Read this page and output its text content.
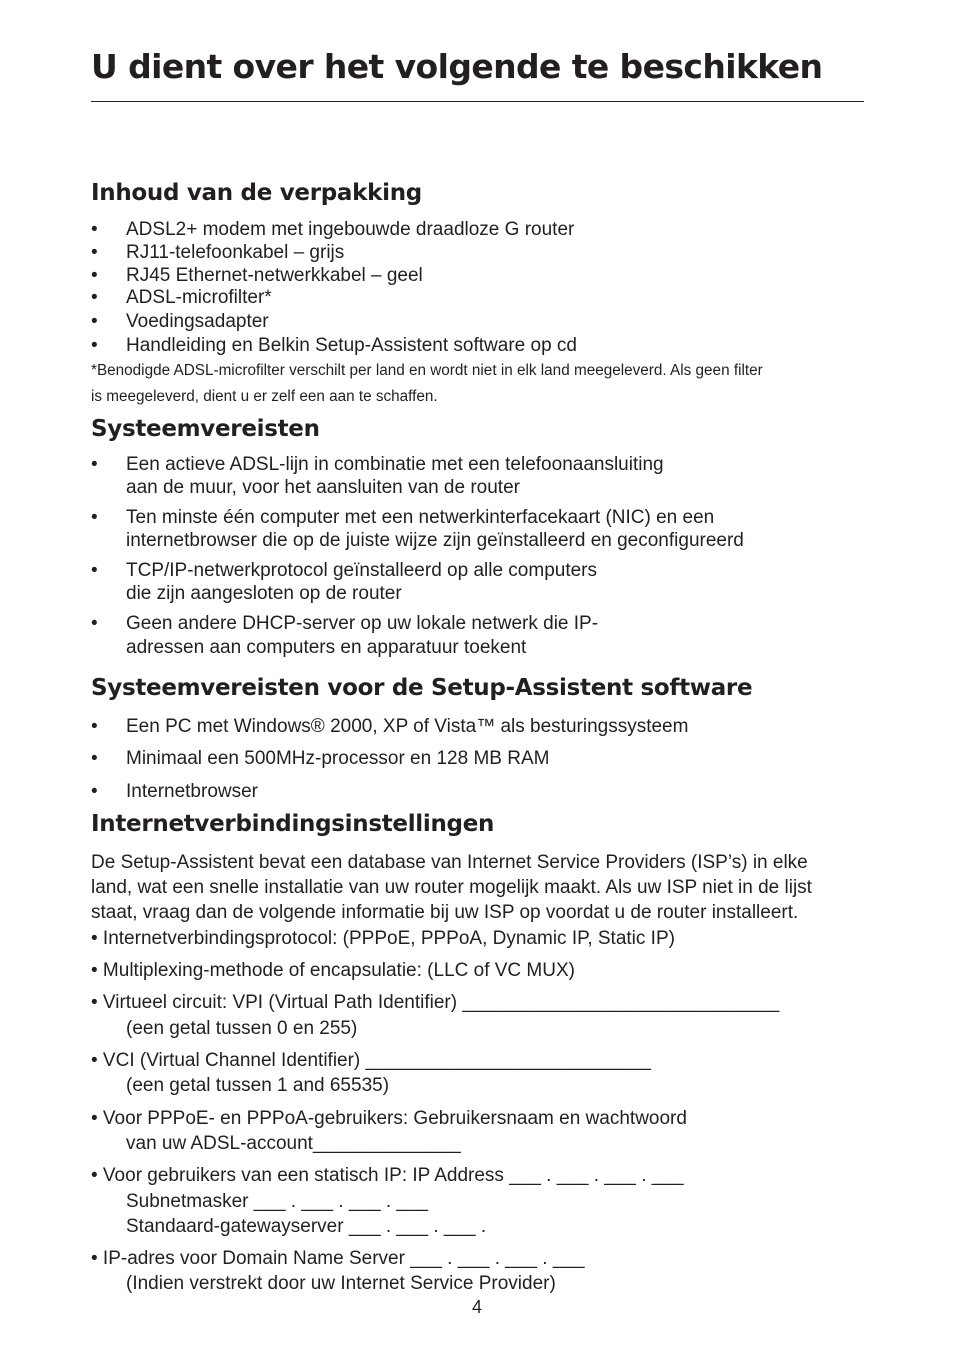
U dient over het volgende te beschikken
Inhoud van de verpakking
• ADSL2+ modem met ingebouwde draadloze G router
• RJ11-telefoonkabel – grijs
• RJ45 Ethernet-netwerkkabel – geel
• ADSL-microfilter*
• Voedingsadapter
• Handleiding en Belkin Setup-Assistent software op cd
*Benodigde ADSL-microfilter verschilt per land en wordt niet in elk land meegeleverd. Als geen filter
is meegeleverd, dient u er zelf een aan te schaffen.
Systeemvereisten
• Een actieve ADSL-lijn in combinatie met een telefoonaansluiting
aan de muur, voor het aansluiten van de router
• Ten minste één computer met een netwerkinterfacekaart (NIC) en een
internetbrowser die op de juiste wijze zijn geïnstalleerd en geconfigureerd
• TCP/IP-netwerkprotocol geïnstalleerd op alle computers
die zijn aangesloten op de router
• Geen andere DHCP-server op uw lokale netwerk die IP-
adressen aan computers en apparatuur toekent
Systeemvereisten voor de Setup-Assistent software
• Een PC met Windows® 2000, XP of Vista™ als besturingssysteem
• Minimaal een 500MHz-processor en 128 MB RAM
• Internetbrowser
Internetverbindingsinstellingen
De Setup-Assistent bevat een database van Internet Service Providers (ISP’s) in elke
land, wat een snelle installatie van uw router mogelijk maakt. Als uw ISP niet in de lijst
staat, vraag dan de volgende informatie bij uw ISP op voordat u de router installeert.
• Internetverbindingsprotocol: (PPPoE, PPPoA, Dynamic IP, Static IP)
• Multiplexing-methode of encapsulatie: (LLC of VC MUX)
• Virtueel circuit: VPI (Virtual Path Identifier) ______________________________
(een getal tussen 0 en 255)
• VCI (Virtual Channel Identifier) ___________________________
(een getal tussen 1 and 65535)
• Voor PPPoE- en PPPoA-gebruikers: Gebruikersnaam en wachtwoord
van uw ADSL-account______________
• Voor gebruikers van een statisch IP: IP Address ___ . ___ . ___ . ___
Subnetmasker ___ . ___ . ___ . ___
Standaard-gatewayserver ___ . ___ . ___ .
• IP-adres voor Domain Name Server ___ . ___ . ___ . ___
(Indien verstrekt door uw Internet Service Provider)
4
